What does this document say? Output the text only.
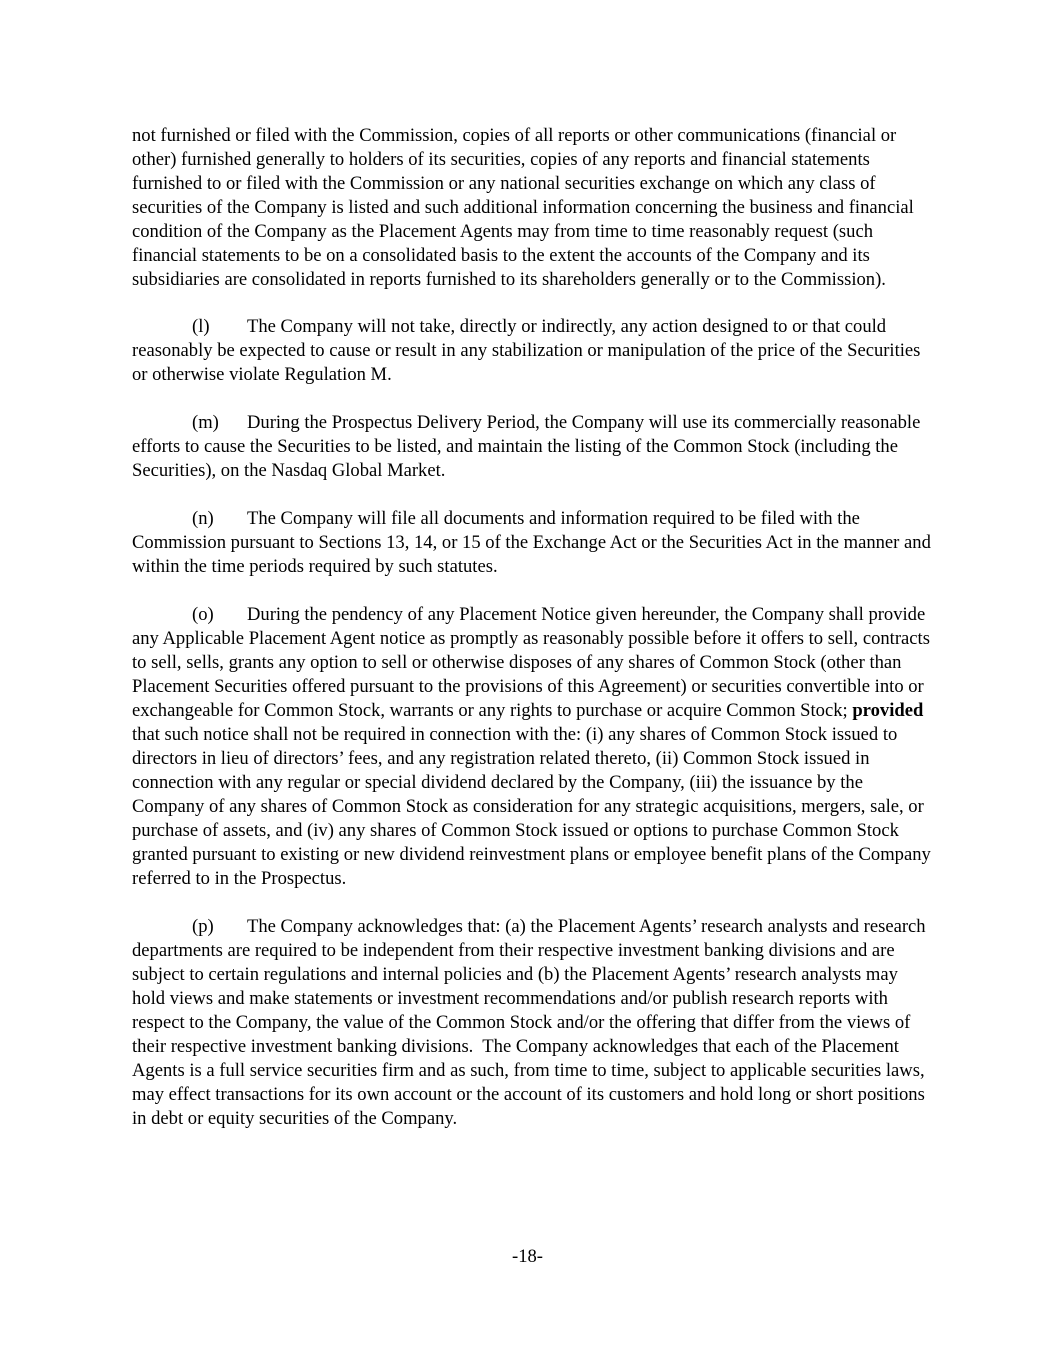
not furnished or filed with the Commission, copies of all reports or other communications (financial or other) furnished generally to holders of its securities, copies of any reports and financial statements furnished to or filed with the Commission or any national securities exchange on which any class of securities of the Company is listed and such additional information concerning the business and financial condition of the Company as the Placement Agents may from time to time reasonably request (such financial statements to be on a consolidated basis to the extent the accounts of the Company and its subsidiaries are consolidated in reports furnished to its shareholders generally or to the Commission).

(l) The Company will not take, directly or indirectly, any action designed to or that could reasonably be expected to cause or result in any stabilization or manipulation of the price of the Securities or otherwise violate Regulation M.

(m) During the Prospectus Delivery Period, the Company will use its commercially reasonable efforts to cause the Securities to be listed, and maintain the listing of the Common Stock (including the Securities), on the Nasdaq Global Market.

(n) The Company will file all documents and information required to be filed with the Commission pursuant to Sections 13, 14, or 15 of the Exchange Act or the Securities Act in the manner and within the time periods required by such statutes.

(o) During the pendency of any Placement Notice given hereunder, the Company shall provide any Applicable Placement Agent notice as promptly as reasonably possible before it offers to sell, contracts to sell, sells, grants any option to sell or otherwise disposes of any shares of Common Stock (other than Placement Securities offered pursuant to the provisions of this Agreement) or securities convertible into or exchangeable for Common Stock, warrants or any rights to purchase or acquire Common Stock; provided that such notice shall not be required in connection with the: (i) any shares of Common Stock issued to directors in lieu of directors’ fees, and any registration related thereto, (ii) Common Stock issued in connection with any regular or special dividend declared by the Company, (iii) the issuance by the Company of any shares of Common Stock as consideration for any strategic acquisitions, mergers, sale, or purchase of assets, and (iv) any shares of Common Stock issued or options to purchase Common Stock granted pursuant to existing or new dividend reinvestment plans or employee benefit plans of the Company referred to in the Prospectus.

(p) The Company acknowledges that: (a) the Placement Agents’ research analysts and research departments are required to be independent from their respective investment banking divisions and are subject to certain regulations and internal policies and (b) the Placement Agents’ research analysts may hold views and make statements or investment recommendations and/or publish research reports with respect to the Company, the value of the Common Stock and/or the offering that differ from the views of their respective investment banking divisions.  The Company acknowledges that each of the Placement Agents is a full service securities firm and as such, from time to time, subject to applicable securities laws, may effect transactions for its own account or the account of its customers and hold long or short positions in debt or equity securities of the Company.

-18-
